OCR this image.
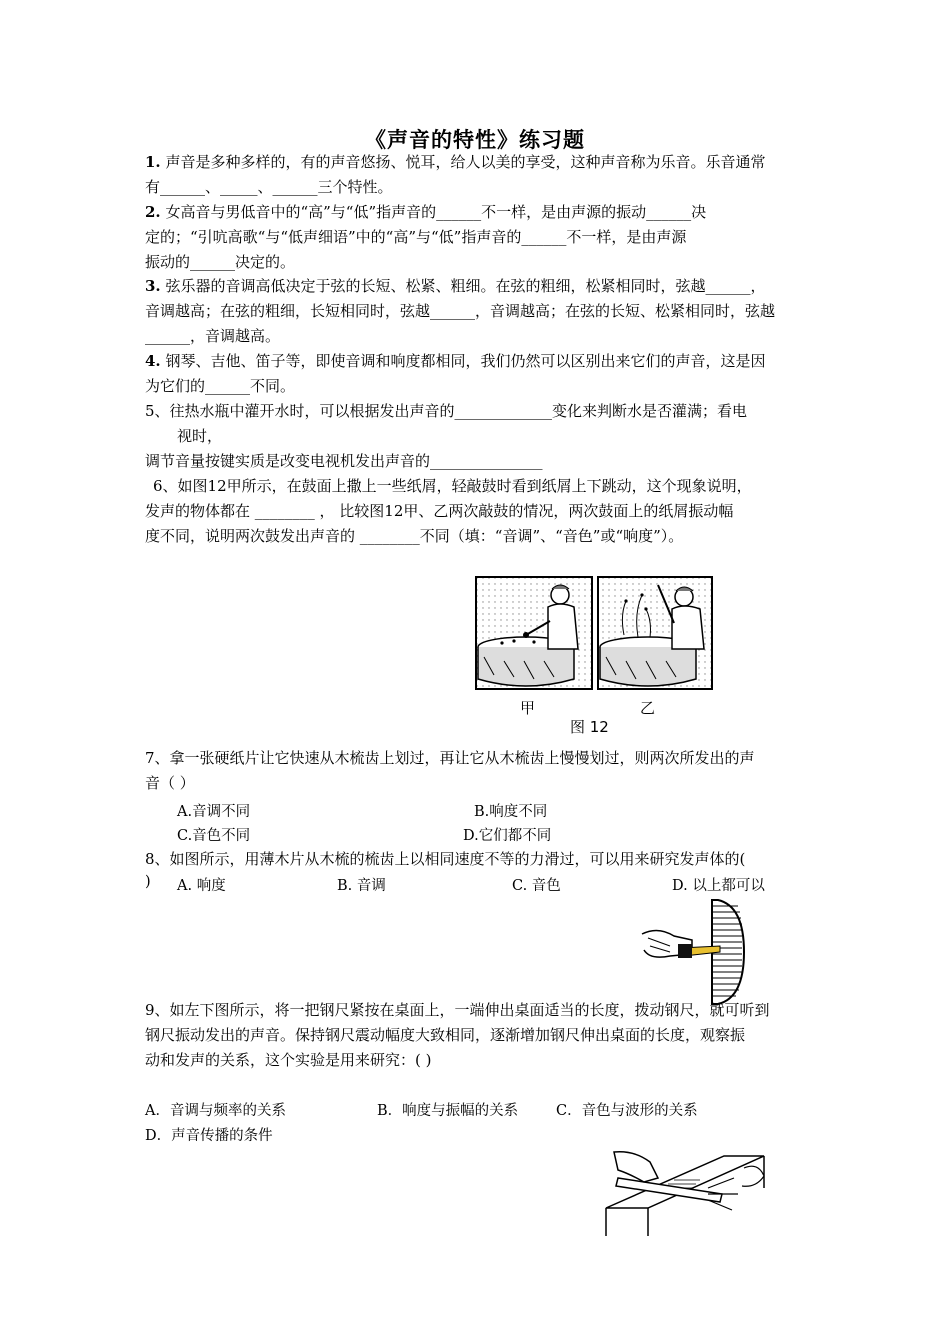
《声音的特性》练习题
1. 声音是多种多样的，有的声音悠扬、悦耳，给人以美的享受，这种声音称为乐音。乐音通常
有______、_____、______三个特性。
2. 女高音与男低音中的“高”与“低”指声音的______不一样，是由声源的振动______决
定的；“引吭高歌“与“低声细语”中的“高”与“低”指声音的______不一样，是由声源
振动的______决定的。
3. 弦乐器的音调高低决定于弦的长短、松紧、粗细。在弦的粗细，松紧相同时，弦越______，
音调越高；在弦的粗细，长短相同时，弦越______，音调越高；在弦的长短、松紧相同时，弦越
______，音调越高。
4. 钢琴、吉他、笛子等，即使音调和响度都相同，我们仍然可以区别出来它们的声音，这是因
为它们的______不同。
5、往热水瓶中灌开水时，可以根据发出声音的_____________变化来判断水是否灌满；看电
视时，
调节音量按键实质是改变电视机发出声音的_______________
6、如图12甲所示，在鼓面上撒上一些纸屑，轻敲鼓时看到纸屑上下跳动，这个现象说明，
发声的物体都在 ________ ， 比较图12甲、乙两次敲鼓的情况，两次鼓面上的纸屑振动幅
度不同，说明两次鼓发出声音的 ________不同（填：“音调”、“音色”或“响度”）。
甲	乙
图 12
7、拿一张硬纸片让它快速从木梳齿上划过，再让它从木梳齿上慢慢划过，则两次所发出的声
音（ ）
A.音调不同	B.响度不同
C.音色不同	D.它们都不同
8、如图所示，用薄木片从木梳的梳齿上以相同速度不等的力滑过，可以用来研究发声体的(
) A. 响度	B. 音调	C. 音色	D. 以上都可以
9、如左下图所示，将一把钢尺紧按在桌面上，一端伸出桌面适当的长度，拨动钢尺，就可听到
钢尺振动发出的声音。保持钢尺震动幅度大致相同，逐渐增加钢尺伸出桌面的长度，观察振
动和发声的关系，这个实验是用来研究：( )
A．音调与频率的关系	B．响度与振幅的关系	C．音色与波形的关系
D．声音传播的条件
